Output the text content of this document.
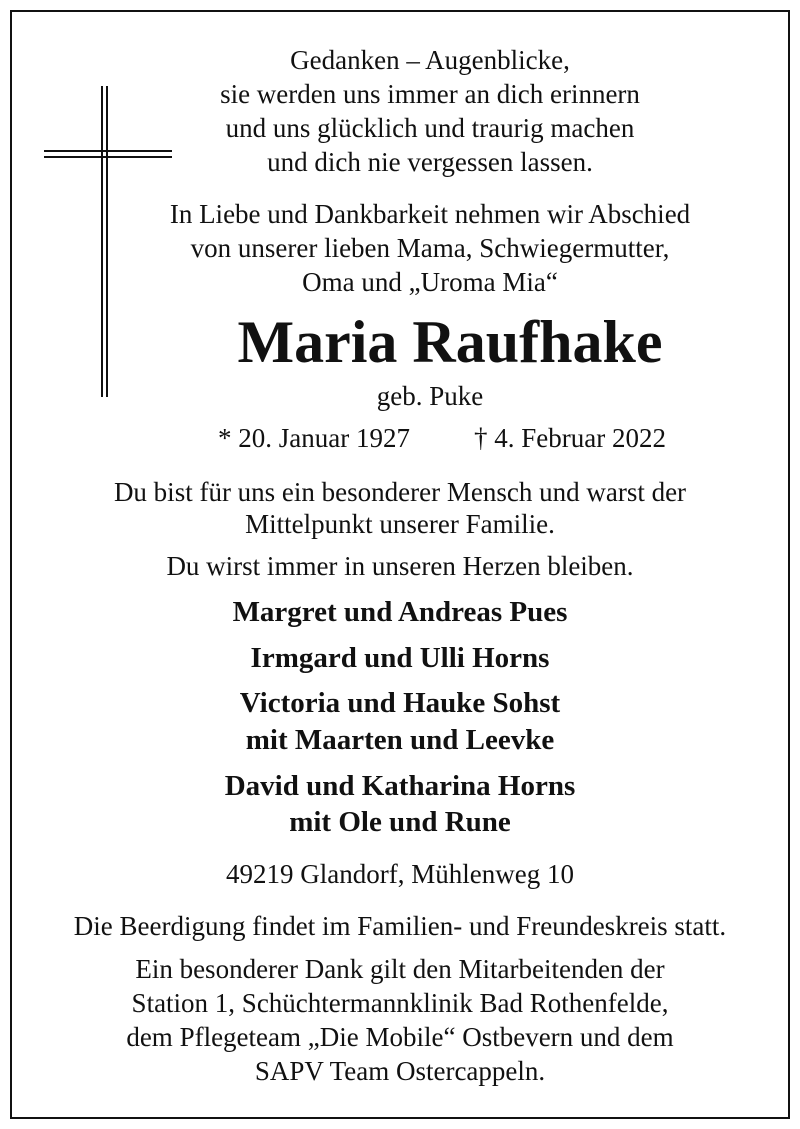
Gedanken – Augenblicke,
sie werden uns immer an dich erinnern
und uns glücklich und traurig machen
und dich nie vergessen lassen.
In Liebe und Dankbarkeit nehmen wir Abschied
von unserer lieben Mama, Schwiegermutter,
Oma und „Uroma Mia“
Maria Raufhake
geb. Puke
* 20. Januar 1927 † 4. Februar 2022
Du bist für uns ein besonderer Mensch und warst der
Mittelpunkt unserer Familie.
Du wirst immer in unseren Herzen bleiben.
Margret und Andreas Pues
Irmgard und Ulli Horns
Victoria und Hauke Sohst
mit Maarten und Leevke
David und Katharina Horns
mit Ole und Rune
49219 Glandorf, Mühlenweg 10
Die Beerdigung findet im Familien- und Freundeskreis statt.
Ein besonderer Dank gilt den Mitarbeitenden der
Station 1, Schüchtermannklinik Bad Rothenfelde,
dem Pflegeteam „Die Mobile“ Ostbevern und dem
SAPV Team Ostercappeln.
